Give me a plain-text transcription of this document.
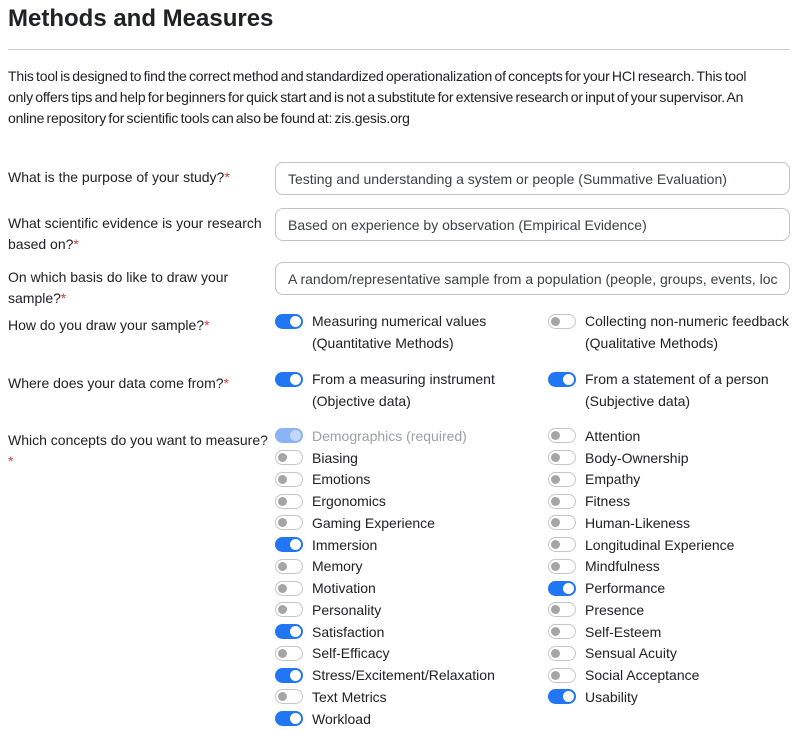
Methods and Measures

This tool is designed to find the correct method and standardized operationalization of concepts for your HCI research. This tool
only offers tips and help for beginners for quick start and is not a substitute for extensive research or input of your supervisor. An
online repository for scientific tools can also be found at: zis.gesis.org

What is the purpose of your study?*
Testing and understanding a system or people (Summative Evaluation)
What scientific evidence is your research
based on?*
Based on experience by observation (Empirical Evidence)
On which basis do like to draw your
sample?*
A random/representative sample from a population (people, groups, events, location
How do you draw your sample?*	Measuring numerical values
(Quantitative Methods)
Collecting non-numeric feedback
(Qualitative Methods)
Where does your data come from?*	From a measuring instrument
(Objective data)
From a statement of a person
(Subjective data)
Which concepts do you want to measure?
*
Demographics (required)
Biasing
Emotions
Ergonomics
Gaming Experience
Immersion
Memory
Motivation
Personality
Satisfaction
Self-Efficacy
Stress/Excitement/Relaxation
Text Metrics
Workload
Attention
Body-Ownership
Empathy
Fitness
Human-Likeness
Longitudinal Experience
Mindfulness
Performance
Presence
Self-Esteem
Sensual Acuity
Social Acceptance
Usability
